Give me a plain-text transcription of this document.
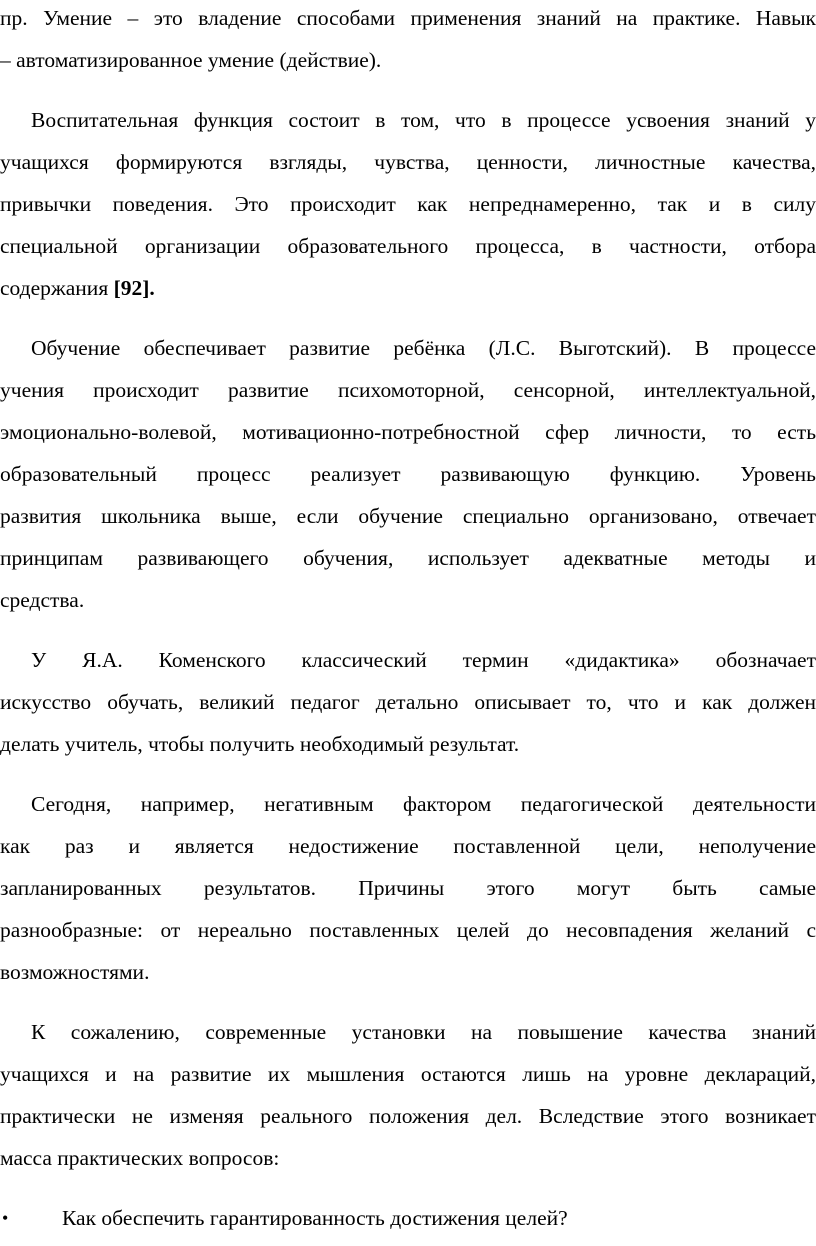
пр. Умение – это владение способами применения знаний на практике. Навык
– автоматизированное умение (действие).
Воспитательная функция состоит в том, что в процессе усвоения знаний у
учащихся формируются взгляды, чувства, ценности, личностные качества,
привычки поведения. Это происходит как непреднамеренно, так и в силу
специальной организации образовательного процесса, в частности, отбора
содержания [92].
Обучение обеспечивает развитие ребёнка (Л.С. Выготский). В процессе
учения происходит развитие психомоторной, сенсорной, интеллектуальной,
эмоционально-волевой, мотивационно-потребностной сфер личности, то есть
образовательный процесс реализует развивающую функцию. Уровень
развития школьника выше, если обучение специально организовано, отвечает
принципам развивающего обучения, использует адекватные методы и
средства.
У Я.А. Коменского классический термин «дидактика» обозначает
искусство обучать, великий педагог детально описывает то, что и как должен
делать учитель, чтобы получить необходимый результат.
Сегодня, например, негативным фактором педагогической деятельности
как раз и является недостижение поставленной цели, неполучение
запланированных результатов. Причины этого могут быть самые
разнообразные: от нереально поставленных целей до несовпадения желаний с
возможностями.
К сожалению, современные установки на повышение качества знаний
учащихся и на развитие их мышления остаются лишь на уровне деклараций,
практически не изменяя реального положения дел. Вследствие этого возникает
масса практических вопросов:
• Как обеспечить гарантированность достижения целей?
